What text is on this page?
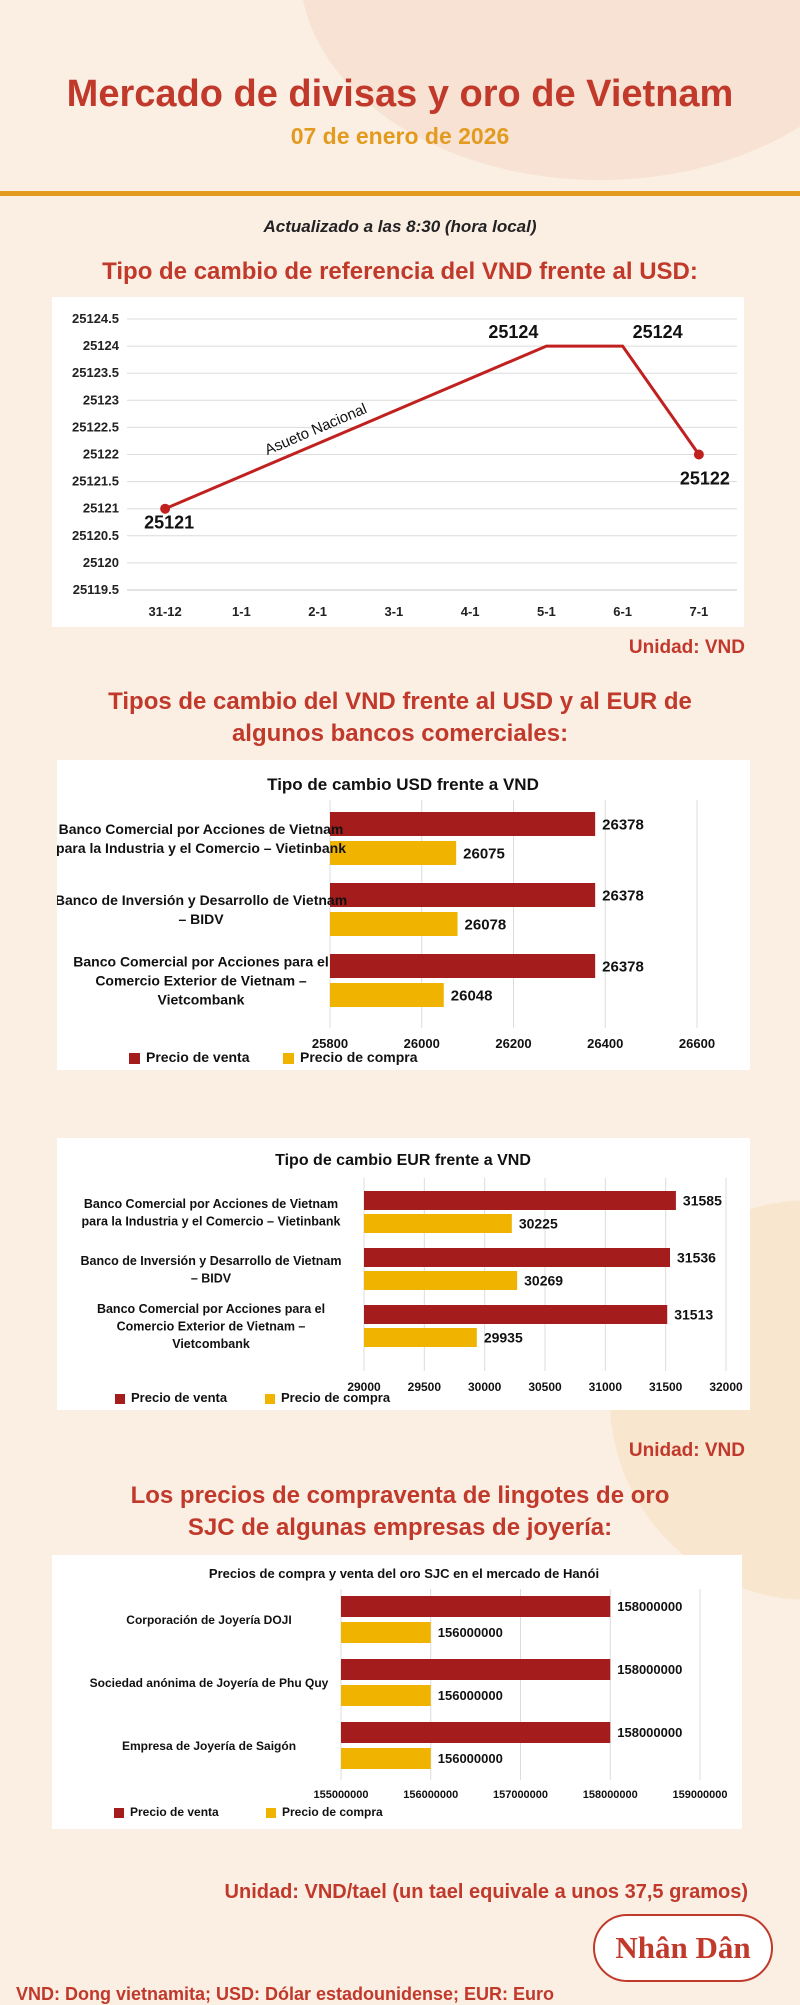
Mercado de divisas y oro de Vietnam
07 de enero de 2026
Actualizado a las 8:30 (hora local)
Tipo de cambio de referencia del VND frente al USD:
25119.5
25120
25120.5
25121
25121.5
25122
25122.5
25123
25123.5
25124
25124.5
31-12	1-1	2-1	3-1	4-1	5-1	6-1	7-1
25121
25124	25124
25122
Asueto Nacional
Unidad: VND
Tipos de cambio del VND frente al USD y al EUR de
algunos bancos comerciales:
Tipo de cambio USD frente a VND
25800	26000	26200	26400	26600
26378
26075
Banco Comercial por Acciones de Vietnam
para la Industria y el Comercio – Vietinbank
26378
26078
Banco de Inversión y Desarrollo de Vietnam
– BIDV
26378
26048
Banco Comercial por Acciones para el
Comercio Exterior de Vietnam –
Vietcombank
Precio de venta	Precio de compra
Tipo de cambio EUR frente a VND
29000 29500 30000 30500 31000 31500 32000
31585
30225
Banco Comercial por Acciones de Vietnam
para la Industria y el Comercio – Vietinbank
31536
30269
Banco de Inversión y Desarrollo de Vietnam
– BIDV
31513
29935
Banco Comercial por Acciones para el
Comercio Exterior de Vietnam –
Vietcombank
Precio de venta	Precio de compra
Unidad: VND
Los precios de compraventa de lingotes de oro
SJC de algunas empresas de joyería:
Precios de compra y venta del oro SJC en el mercado de Hanói
155000000	156000000	157000000	158000000	159000000
158000000
156000000
Corporación de Joyería DOJI
158000000
156000000
Sociedad anónima de Joyería de Phu Quy
158000000
156000000
Empresa de Joyería de Saigón
Precio de venta	Precio de compra
Unidad: VND/tael (un tael equivale a unos 37,5 gramos)
VND: Dong vietnamita; USD: Dólar estadounidense; EUR: Euro
Nhân Dân
